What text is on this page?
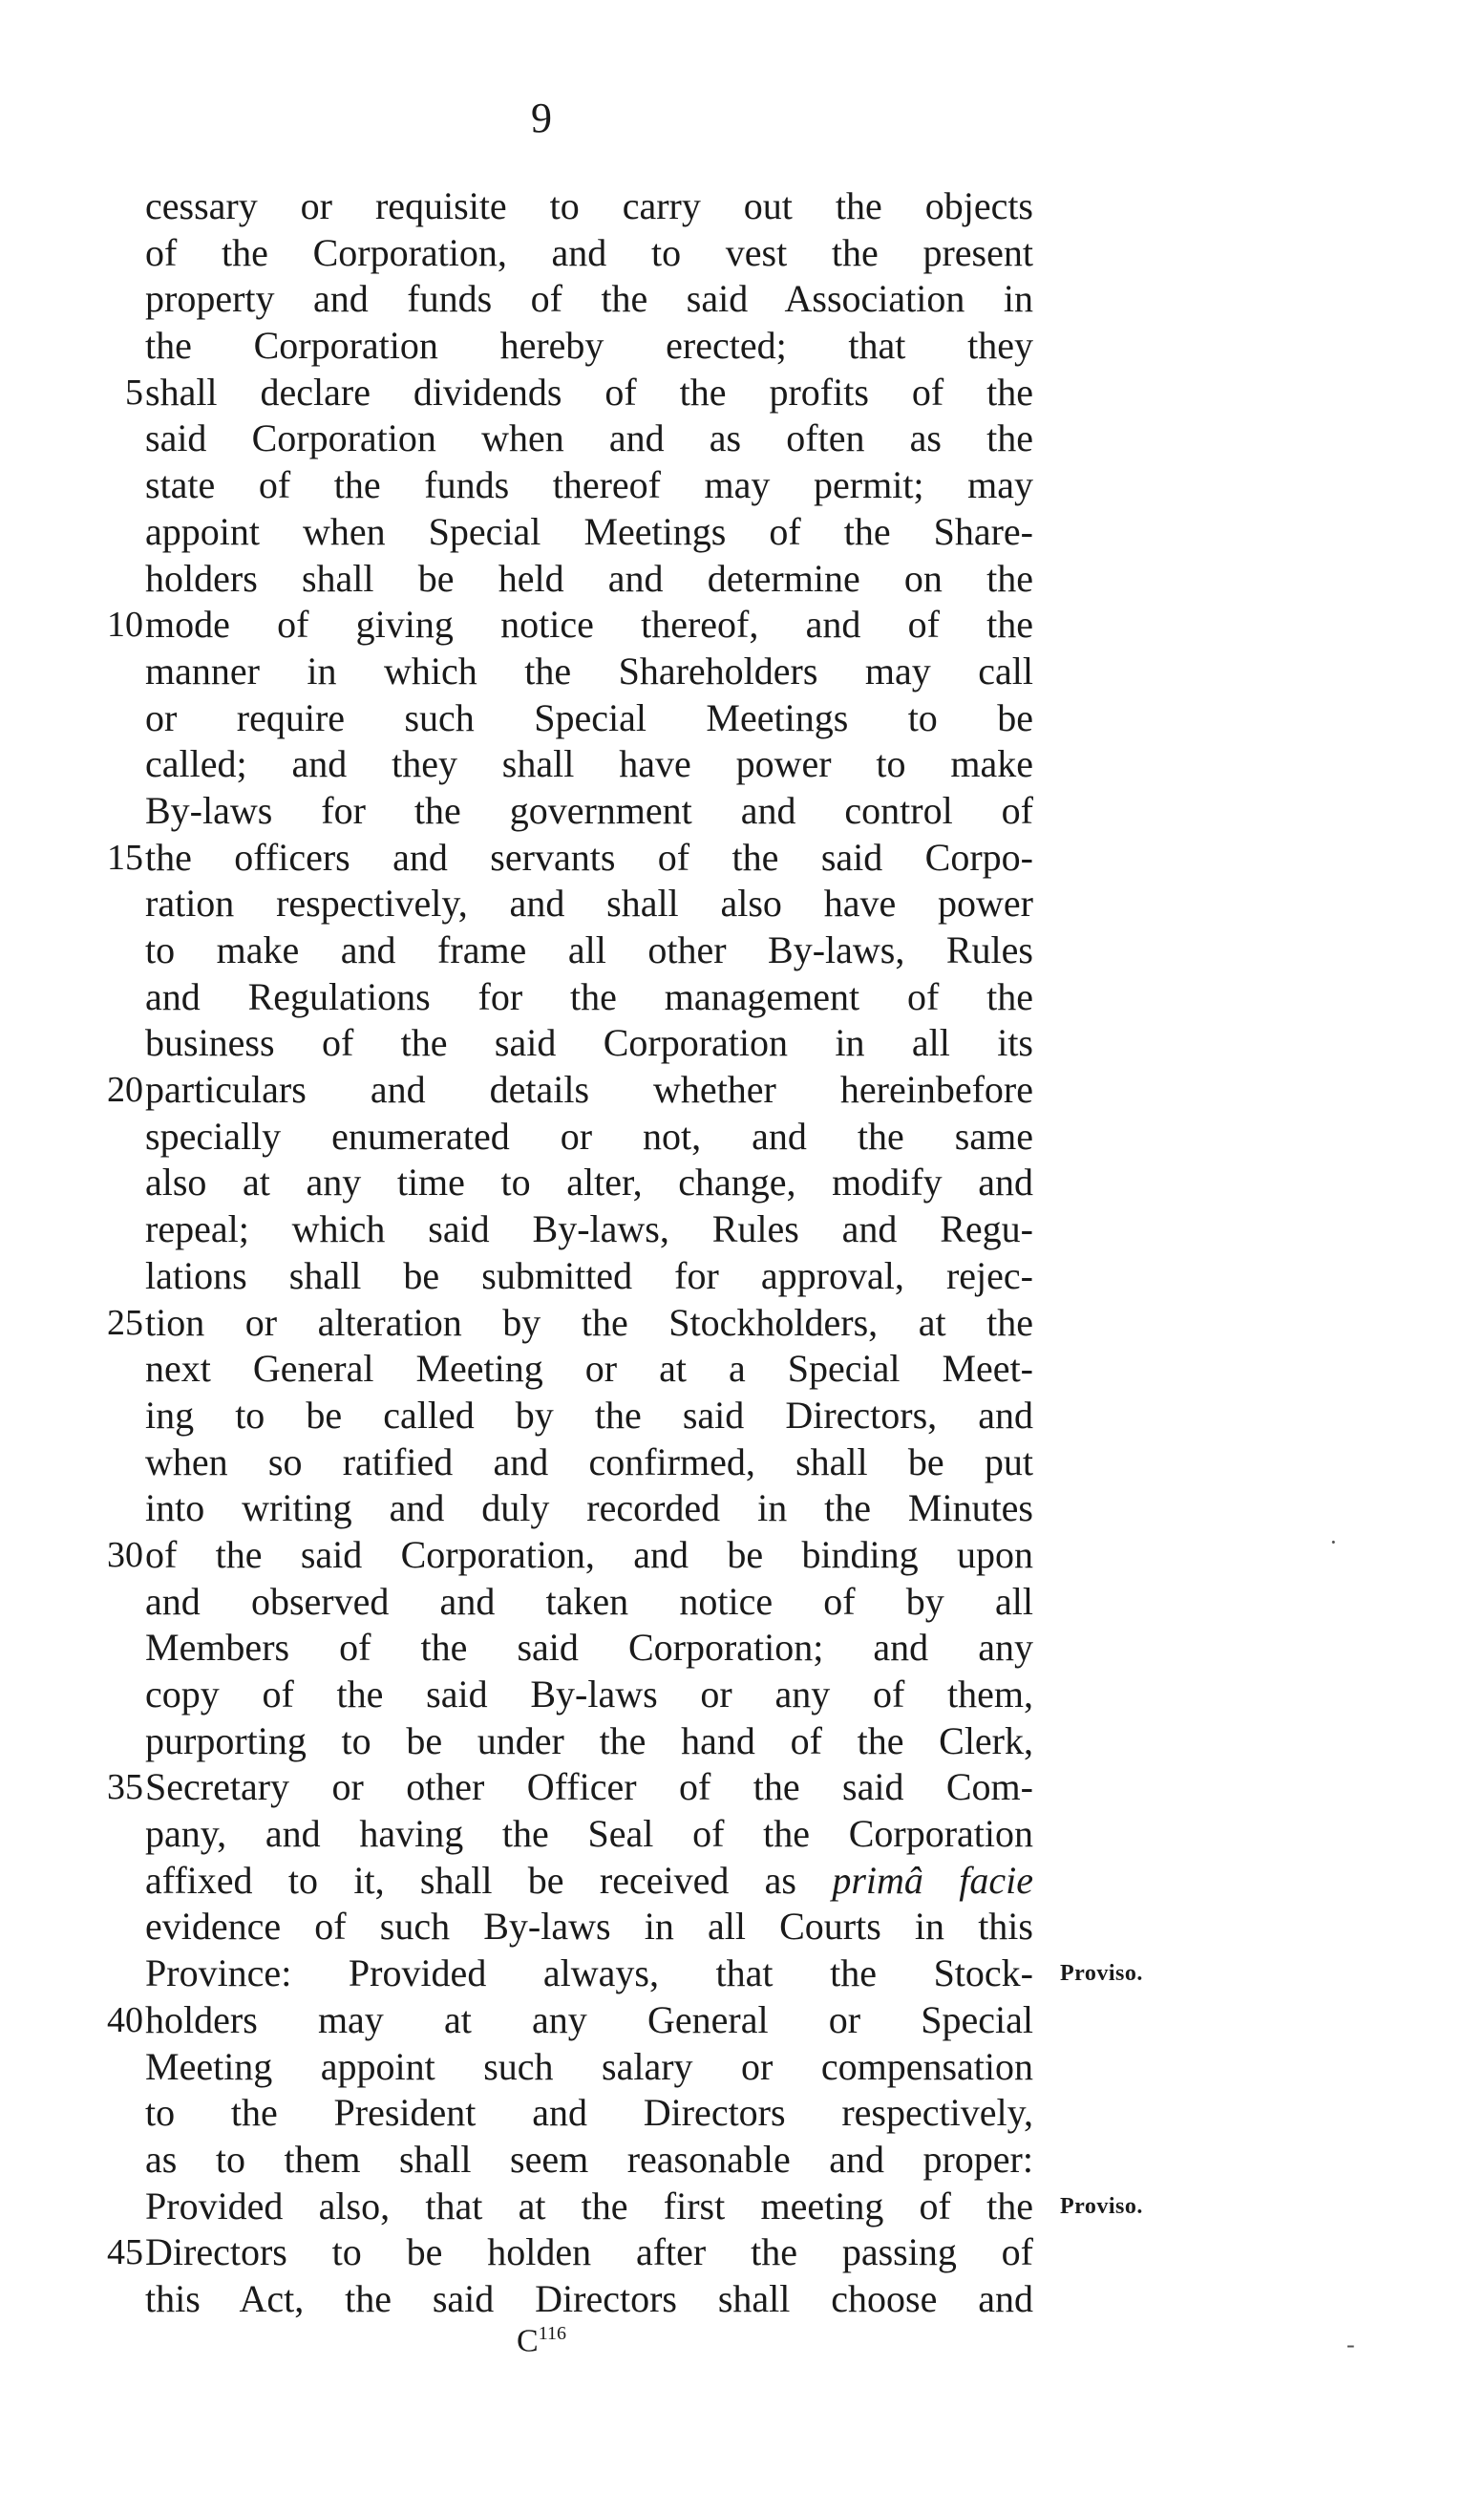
9
cessary or requisite to carry out the objects
of the Corporation, and to vest the present
property and funds of the said Association in
the Corporation hereby erected; that they
5 shall declare dividends of the profits of the
said Corporation when and as often as the
state of the funds thereof may permit; may
appoint when Special Meetings of the Share-
holders shall be held and determine on the
10 mode of giving notice thereof, and of the
manner in which the Shareholders may call
or require such Special Meetings to be
called; and they shall have power to make
By-laws for the government and control of
15 the officers and servants of the said Corpo-
ration respectively, and shall also have power
to make and frame all other By-laws, Rules
and Regulations for the management of the
business of the said Corporation in all its
20 particulars and details whether hereinbefore
specially enumerated or not, and the same
also at any time to alter, change, modify and
repeal; which said By-laws, Rules and Regu-
lations shall be submitted for approval, rejec-
25 tion or alteration by the Stockholders, at the
next General Meeting or at a Special Meet-
ing to be called by the said Directors, and
when so ratified and confirmed, shall be put
into writing and duly recorded in the Minutes
30 of the said Corporation, and be binding upon
and observed and taken notice of by all
Members of the said Corporation; and any
copy of the said By-laws or any of them,
purporting to be under the hand of the Clerk,
35 Secretary or other Officer of the said Com-
pany, and having the Seal of the Corporation
affixed to it, shall be received as primâ facie
evidence of such By-laws in all Courts in this
Province: Provided always, that the Stock- Proviso.
40 holders may at any General or Special
Meeting appoint such salary or compensation
to the President and Directors respectively,
as to them shall seem reasonable and proper:
Provided also, that at the first meeting of the Proviso.
45 Directors to be holden after the passing of
this Act, the said Directors shall choose and
$C^{116}$
·
-
